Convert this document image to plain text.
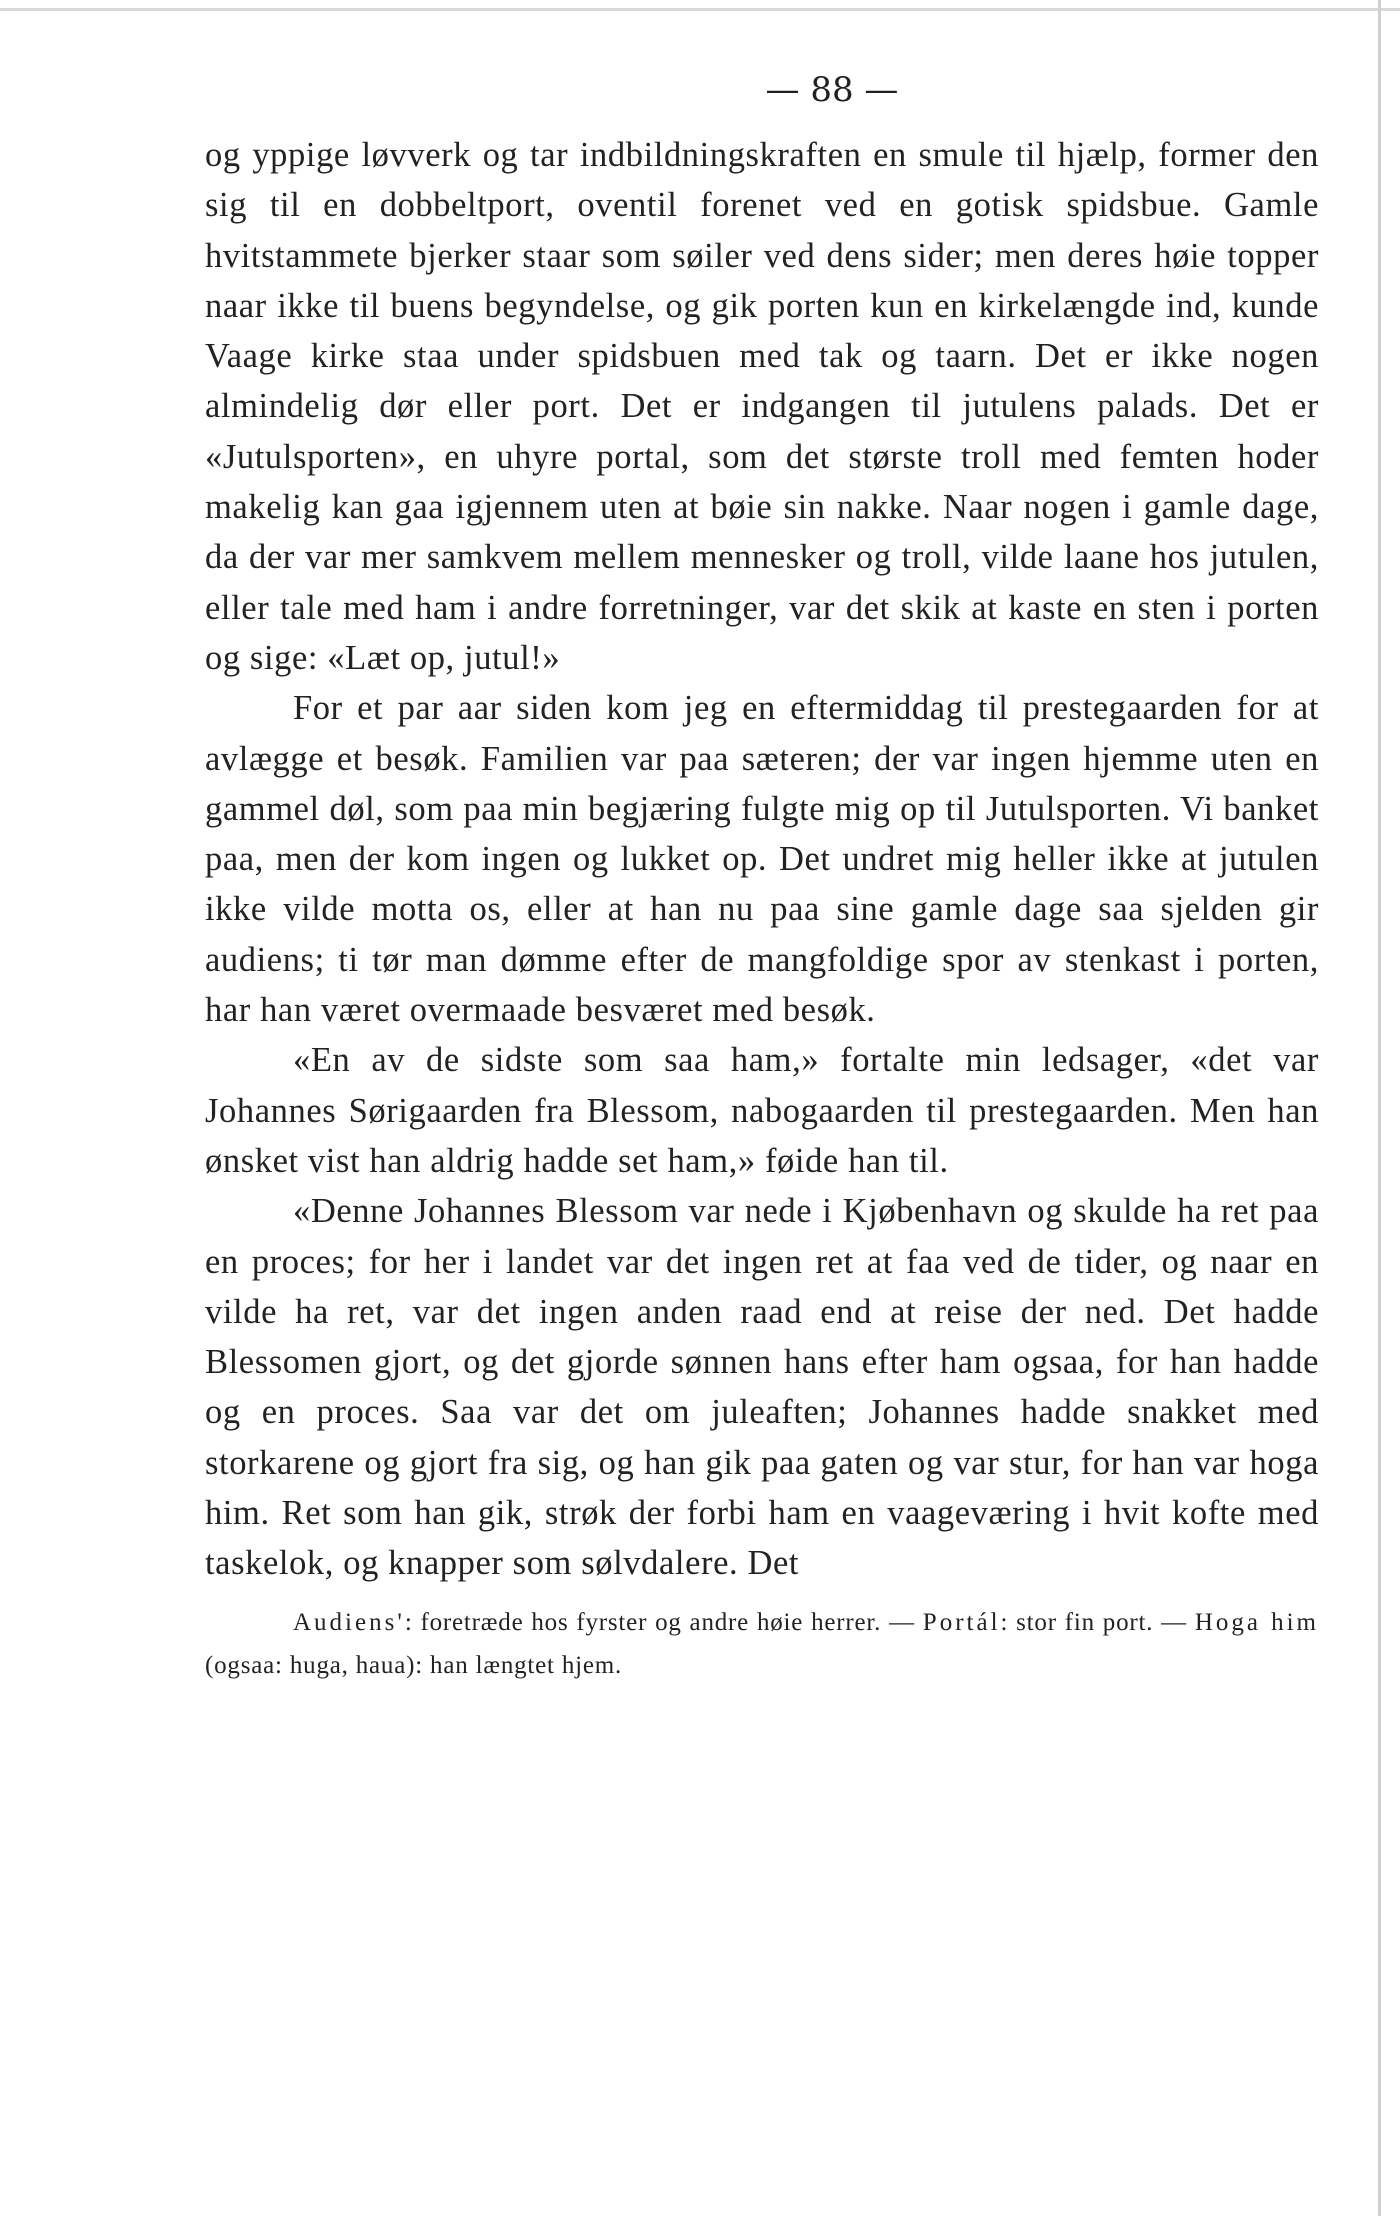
— 88 —

og yppige løvverk og tar indbildningskraften en smule til hjælp, former den sig til en dobbeltport, oventil forenet ved en gotisk spidsbue. Gamle hvitstammete bjerker staar som søiler ved dens sider; men deres høie topper naar ikke til buens begyndelse, og gik porten kun en kirkelængde ind, kunde Vaage kirke staa under spidsbuen med tak og taarn. Det er ikke nogen almindelig dør eller port. Det er indgangen til jutulens palads. Det er «Jutulsporten», en uhyre portal, som det største troll med femten hoder makelig kan gaa igjennem uten at bøie sin nakke. Naar nogen i gamle dage, da der var mer samkvem mellem mennesker og troll, vilde laane hos jutulen, eller tale med ham i andre forretninger, var det skik at kaste en sten i porten og sige: «Læt op, jutul!»

For et par aar siden kom jeg en eftermiddag til prestegaarden for at avlægge et besøk. Familien var paa sæteren; der var ingen hjemme uten en gammel døl, som paa min begjæring fulgte mig op til Jutulsporten. Vi banket paa, men der kom ingen og lukket op. Det undret mig heller ikke at jutulen ikke vilde motta os, eller at han nu paa sine gamle dage saa sjelden gir audiens; ti tør man dømme efter de mangfoldige spor av stenkast i porten, har han været overmaade besværet med besøk.

«En av de sidste som saa ham,» fortalte min ledsager, «det var Johannes Sørigaarden fra Blessom, nabogaarden til prestegaarden. Men han ønsket vist han aldrig hadde set ham,» føide han til.

«Denne Johannes Blessom var nede i Kjøbenhavn og skulde ha ret paa en proces; for her i landet var det ingen ret at faa ved de tider, og naar en vilde ha ret, var det ingen anden raad end at reise der ned. Det hadde Blessomen gjort, og det gjorde sønnen hans efter ham ogsaa, for han hadde og en proces. Saa var det om juleaften; Johannes hadde snakket med storkarene og gjort fra sig, og han gik paa gaten og var stur, for han var hoga him. Ret som han gik, strøk der forbi ham en vaageværing i hvit kofte med taskelok, og knapper som sølvdalere. Det

Audiens': foretræde hos fyrster og andre høie herrer. — Portál: stor fin port. — Hoga him (ogsaa: huga, haua): han længtet hjem.
